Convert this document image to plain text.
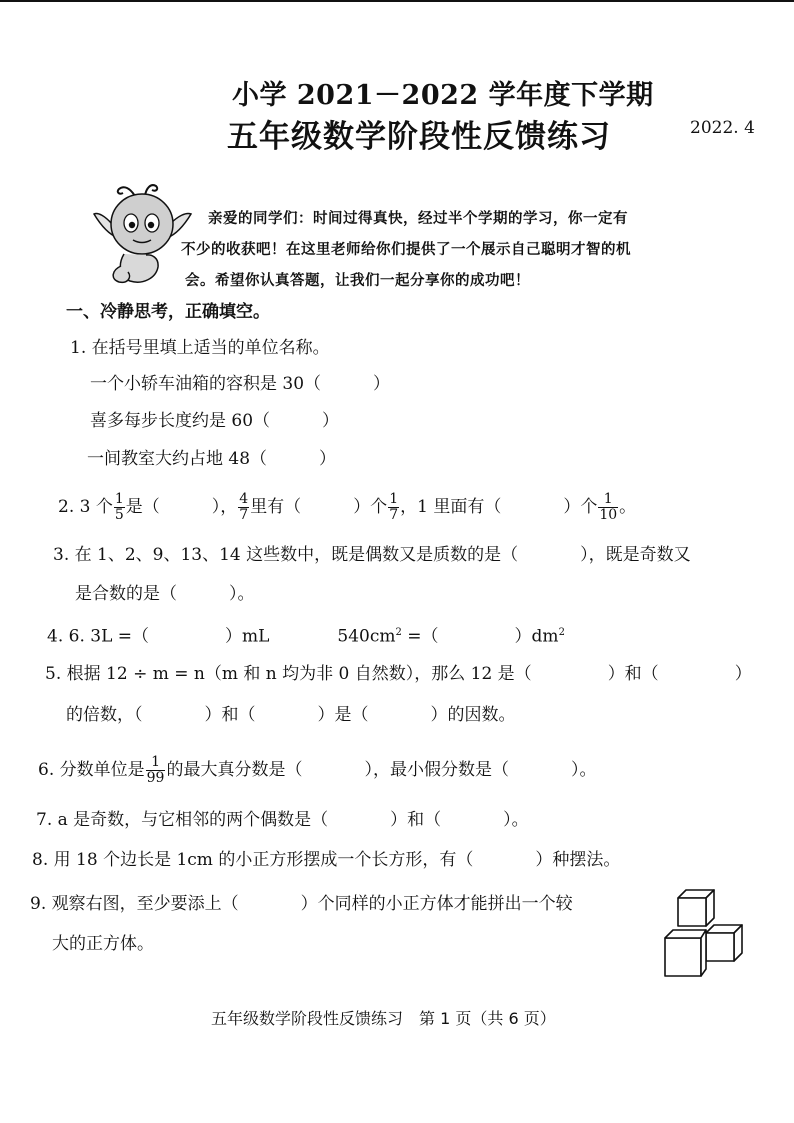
小学 2021－2022 学年度下学期
五年级数学阶段性反馈练习	2022. 4
亲爱的同学们：时间过得真快，经过半个学期的学习，你一定有
不少的收获吧！在这里老师给你们提供了一个展示自己聪明才智的机
会。希望你认真答题，让我们一起分享你的成功吧！
一、冷静思考，正确填空。
1. 在括号里填上适当的单位名称。
一个小轿车油箱的容积是 30（	）
喜多每步长度约是 60（	）
一间教室大约占地 48（	）
2. 3 个 $\frac{1}{5}$ 是（	）， $\frac{4}{7}$ 里有（	）个 $\frac{1}{7}$ ，1 里面有（	）个 $\frac{1}{10}$ 。
3. 在 1、2、9、13、14 这些数中，既是偶数又是质数的是（	），既是奇数又
是合数的是（	）。
4. 6. 3L =（	）mL	$540cm^2$ =（	）$dm^2$
5. 根据 12 ÷ m = n（m 和 n 均为非 0 自然数），那么 12 是（	）和（	）
的倍数，（	）和（	）是（	）的因数。
6. 分数单位是 $\frac{1}{99}$ 的最大真分数是（	），最小假分数是（	）。
7. a 是奇数，与它相邻的两个偶数是（	）和（	）。
8. 用 18 个边长是 1cm 的小正方形摆成一个长方形，有（	）种摆法。
9. 观察右图，至少要添上（	）个同样的小正方体才能拼出一个较
大的正方体。
五年级数学阶段性反馈练习　第 1 页（共 6 页）
